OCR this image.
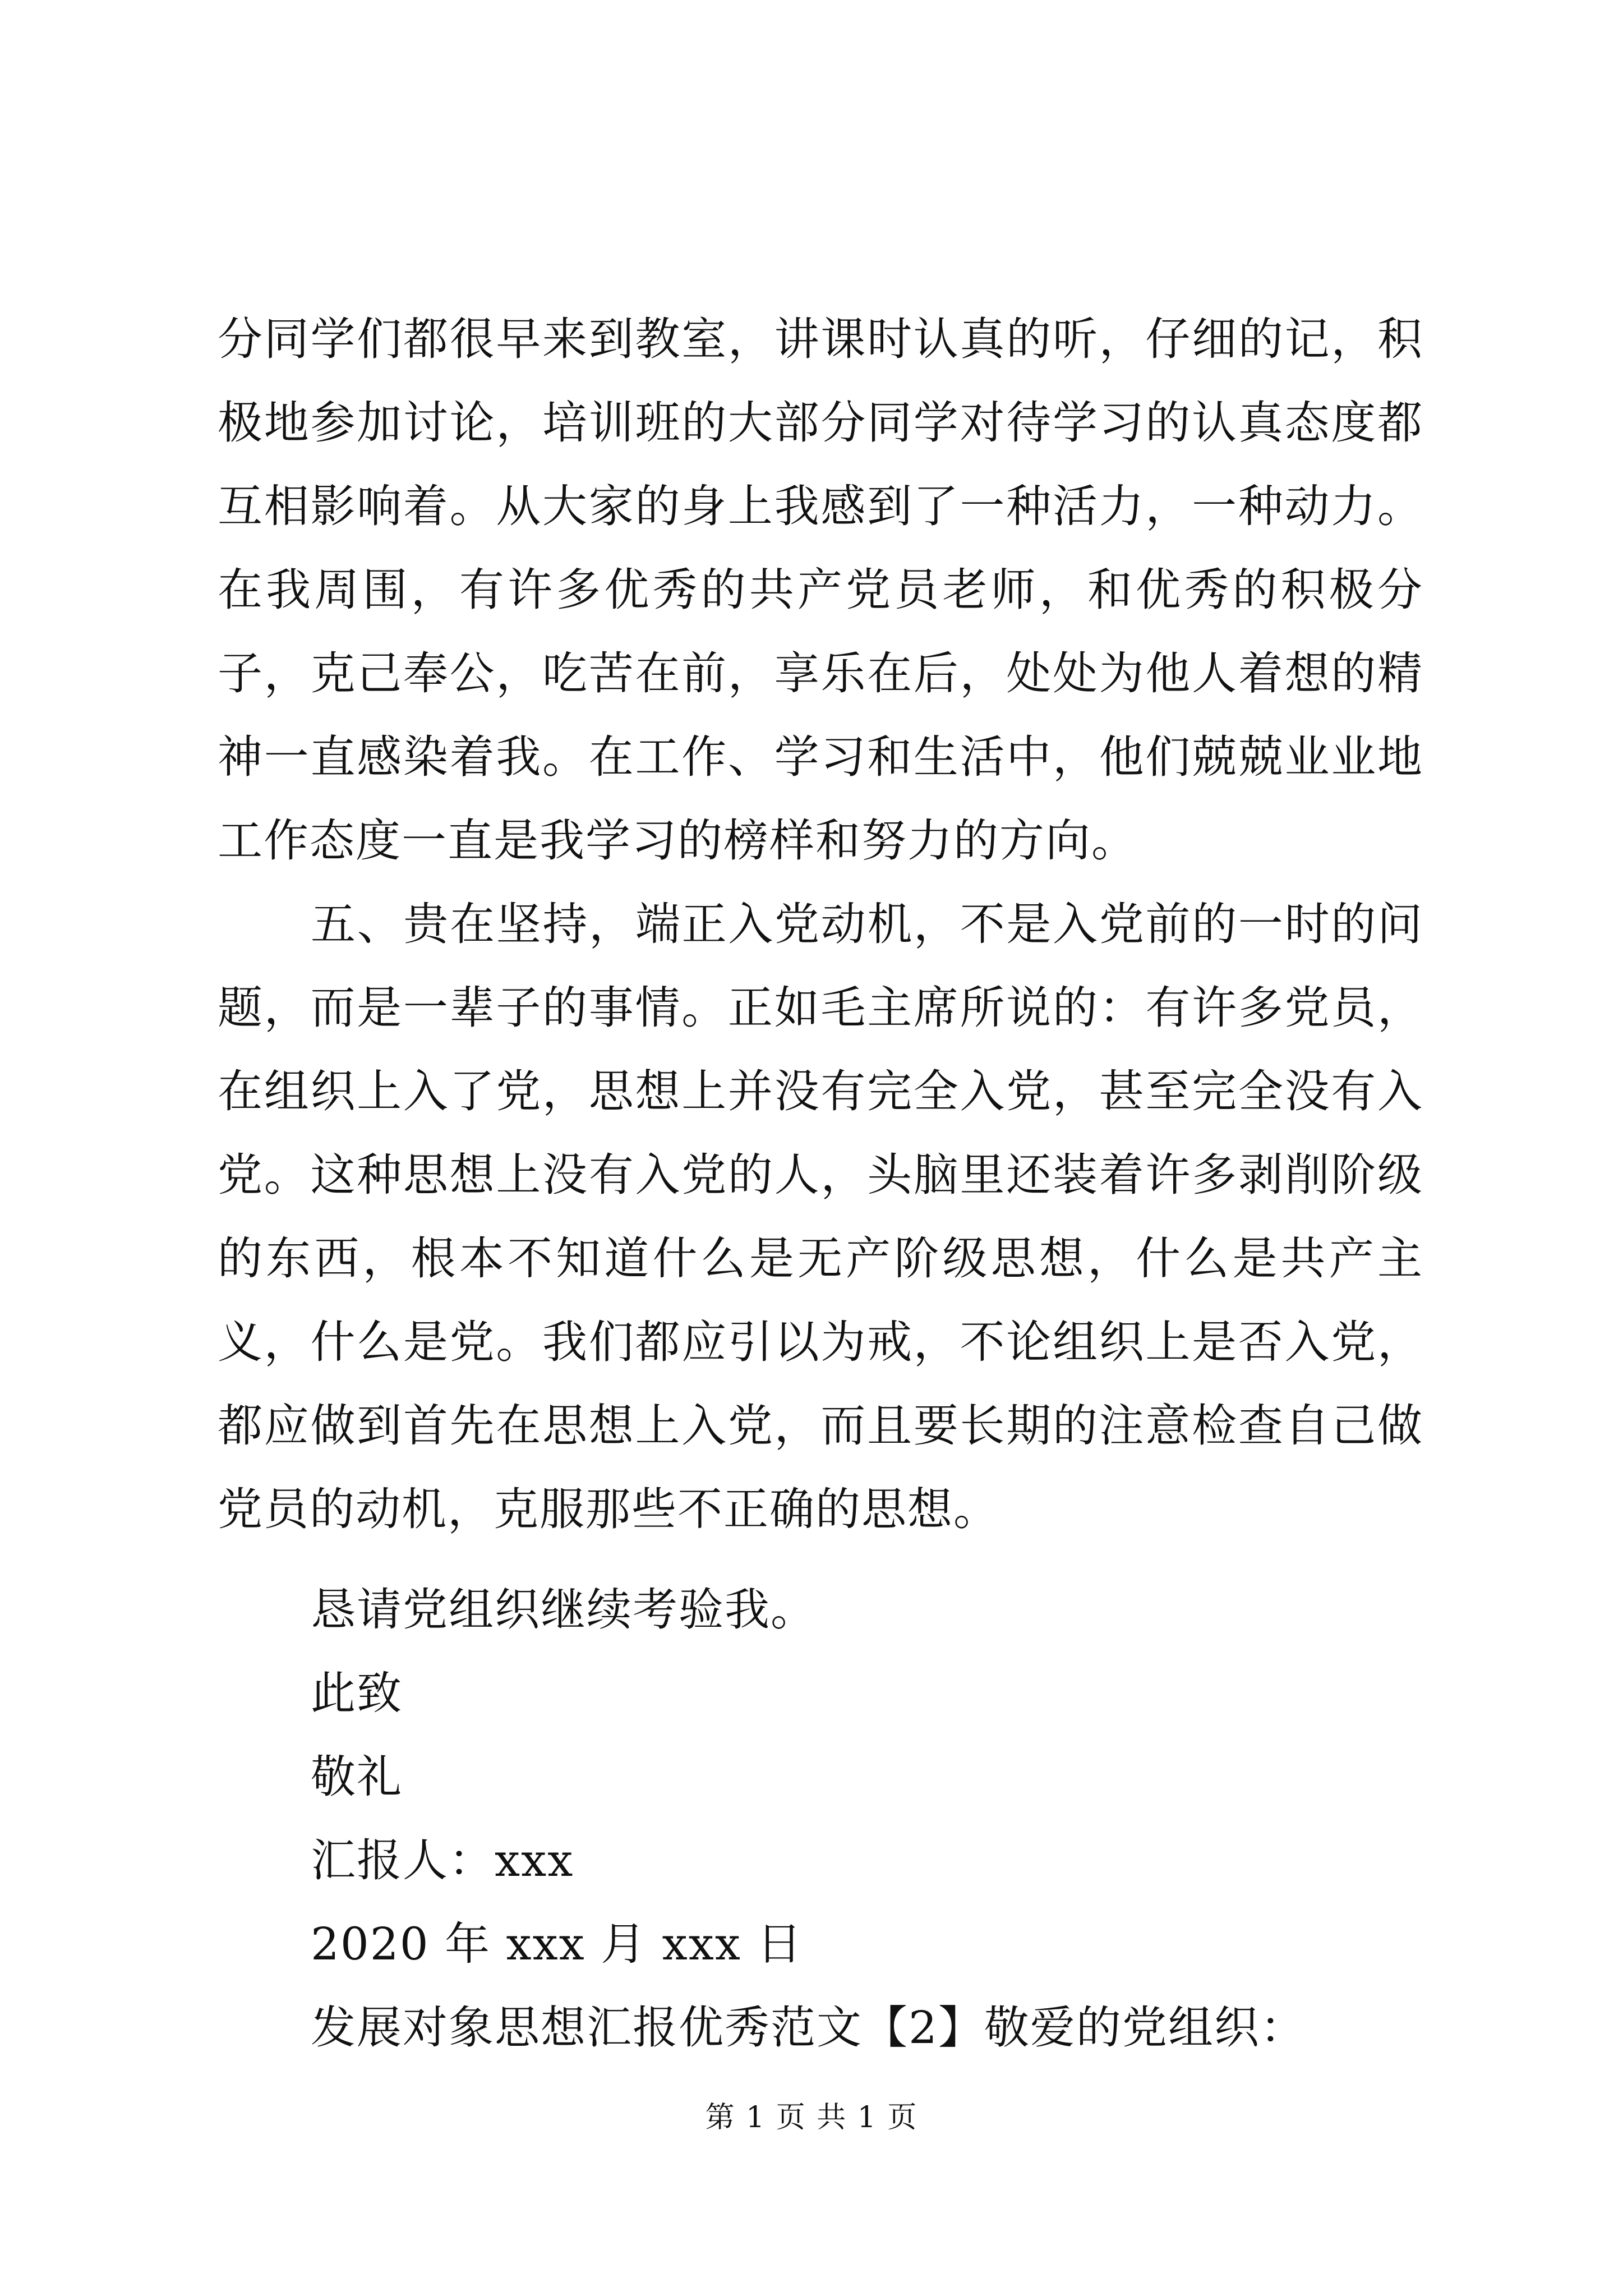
分同学们都很早来到教室，讲课时认真的听，仔细的记，积极地参加讨论，培训班的大部分同学对待学习的认真态度都互相影响着。从大家的身上我感到了一种活力，一种动力。在我周围，有许多优秀的共产党员老师，和优秀的积极分子，克己奉公，吃苦在前，享乐在后，处处为他人着想的精神一直感染着我。在工作、学习和生活中，他们兢兢业业地工作态度一直是我学习的榜样和努力的方向。

五、贵在坚持，端正入党动机，不是入党前的一时的问题，而是一辈子的事情。正如毛主席所说的：有许多党员，在组织上入了党，思想上并没有完全入党，甚至完全没有入党。这种思想上没有入党的人，头脑里还装着许多剥削阶级的东西，根本不知道什么是无产阶级思想，什么是共产主义，什么是党。我们都应引以为戒，不论组织上是否入党，都应做到首先在思想上入党，而且要长期的注意检查自己做党员的动机，克服那些不正确的思想。

恳请党组织继续考验我。
此致
敬礼
汇报人：xxx
2020 年 xxx 月 xxx 日
发展对象思想汇报优秀范文【2】敬爱的党组织：
第 1 页 共 1 页
